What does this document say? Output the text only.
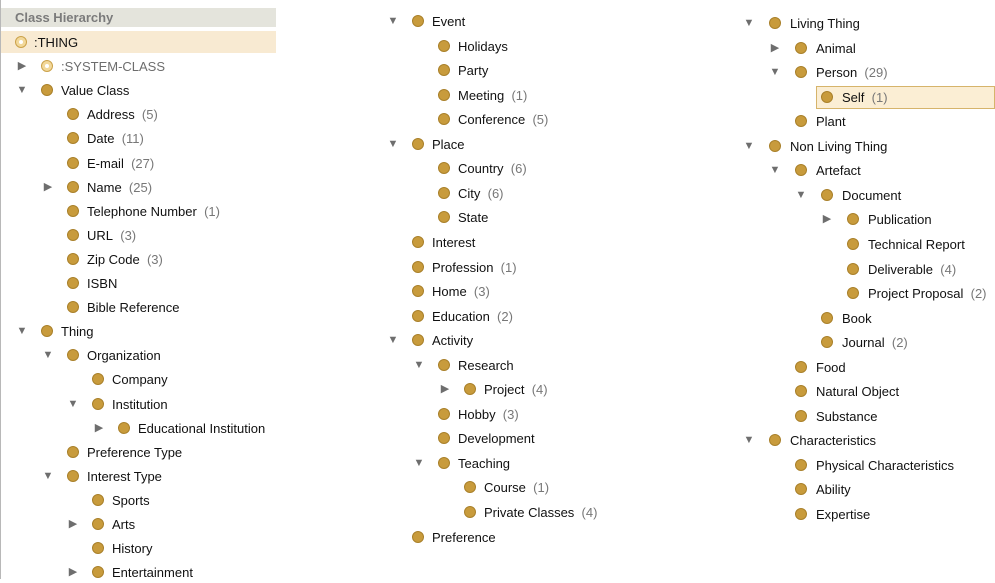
Class Hierarchy
:THING
▶	:SYSTEM-CLASS
▼	Value Class
Address  (5)
Date  (11)
E-mail  (27)
▶	Name  (25)
Telephone Number  (1)
URL  (3)
Zip Code  (3)
ISBN
Bible Reference
▼	Thing
▼	Organization
Company
▼	Institution
▶	Educational Institution
Preference Type
▼	Interest Type
Sports
▶	Arts
History
▶	Entertainment
▼	Event
Holidays
Party
Meeting  (1)
Conference  (5)
▼	Place
Country  (6)
City  (6)
State
Interest
Profession  (1)
Home  (3)
Education  (2)
▼	Activity
▼	Research
▶	Project  (4)
Hobby  (3)
Development
▼	Teaching
Course  (1)
Private Classes  (4)
Preference
▼	Living Thing
▶	Animal
▼	Person  (29)
Self  (1)
Plant
▼	Non Living Thing
▼	Artefact
▼	Document
▶	Publication
Technical Report
Deliverable  (4)
Project Proposal  (2)
Book
Journal  (2)
Food
Natural Object
Substance
▼	Characteristics
Physical Characteristics
Ability
Expertise
